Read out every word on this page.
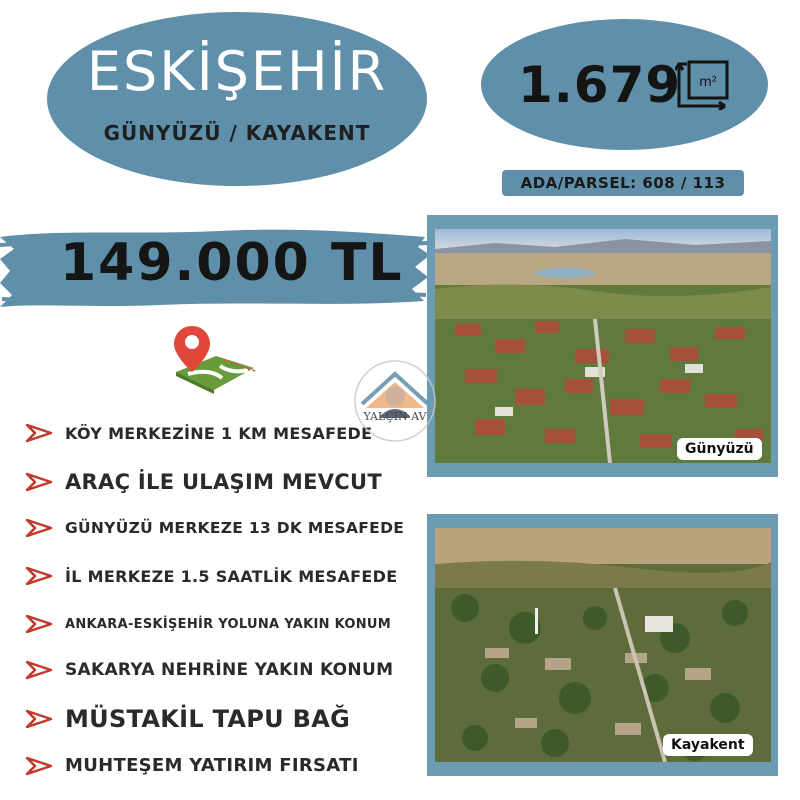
ESKİŞEHİR
GÜNYÜZÜ / KAYAKENT
1.679 m²
ADA/PARSEL: 608 / 113
149.000 TL
KÖY MERKEZİNE 1 KM MESAFEDE
ARAÇ İLE ULAŞIM MEVCUT
GÜNYÜZÜ MERKEZE 13 DK MESAFEDE
İL MERKEZE 1.5 SAATLİK MESAFEDE
ANKARA-ESKİŞEHİR YOLUNA YAKIN KONUM
SAKARYA NEHRİNE YAKIN KONUM
MÜSTAKİL TAPU BAĞ
MUHTEŞEM YATIRIM FIRSATI
Günyüzü
Kayakent
YALÇIN AV
